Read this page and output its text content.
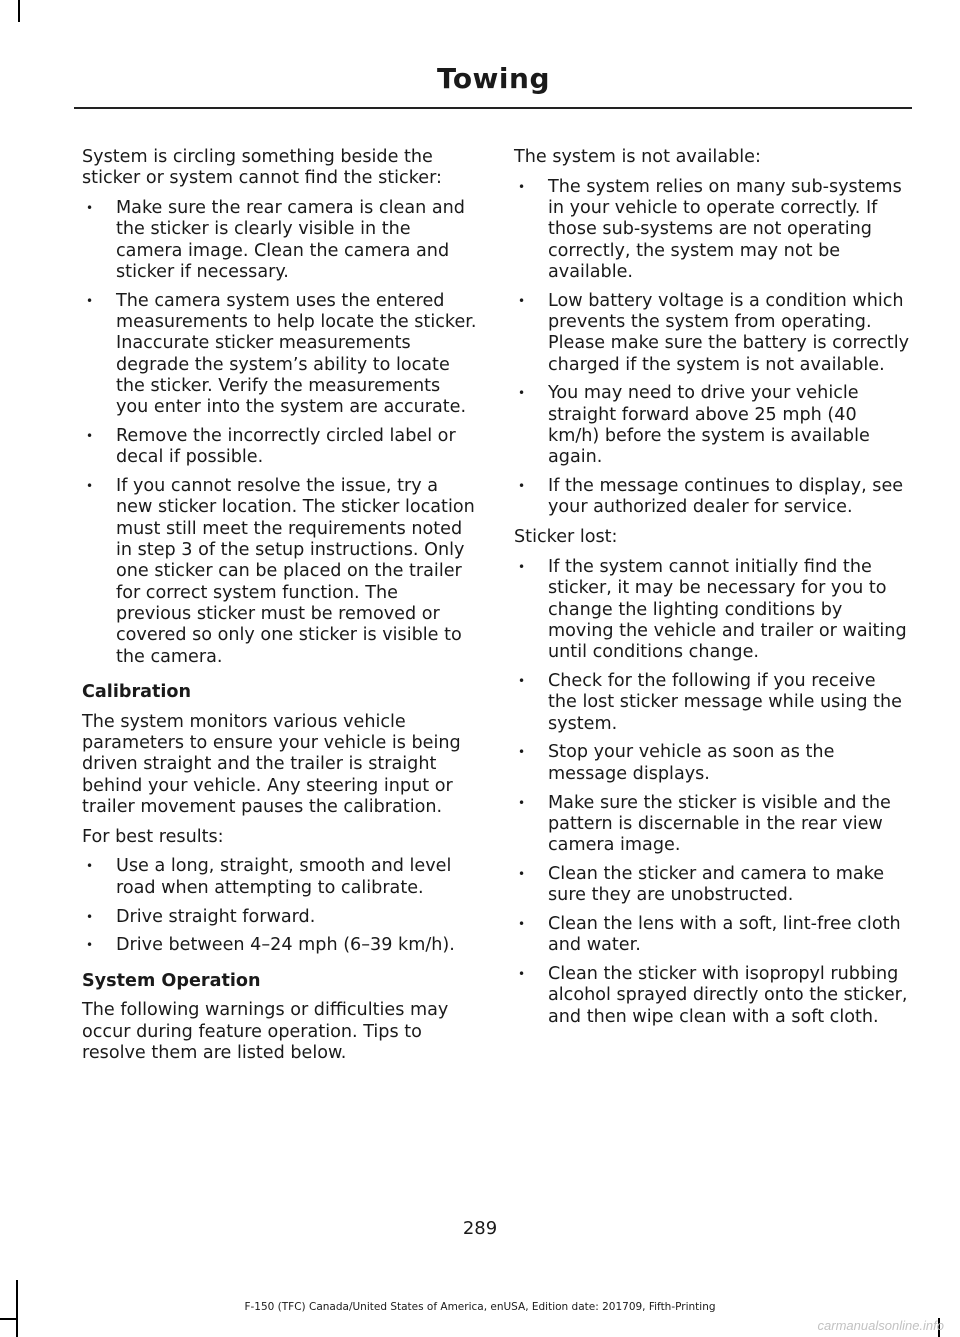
Towing

System is circling something beside the sticker or system cannot find the sticker:

• Make sure the rear camera is clean and the sticker is clearly visible in the camera image. Clean the camera and sticker if necessary.
• The camera system uses the entered measurements to help locate the sticker. Inaccurate sticker measurements degrade the system’s ability to locate the sticker. Verify the measurements you enter into the system are accurate.
• Remove the incorrectly circled label or decal if possible.
• If you cannot resolve the issue, try a new sticker location. The sticker location must still meet the requirements noted in step 3 of the setup instructions. Only one sticker can be placed on the trailer for correct system function. The previous sticker must be removed or covered so only one sticker is visible to the camera.

Calibration

The system monitors various vehicle parameters to ensure your vehicle is being driven straight and the trailer is straight behind your vehicle. Any steering input or trailer movement pauses the calibration.

For best results:

• Use a long, straight, smooth and level road when attempting to calibrate.
• Drive straight forward.
• Drive between 4–24 mph (6–39 km/h).

System Operation

The following warnings or difficulties may occur during feature operation. Tips to resolve them are listed below.

The system is not available:

• The system relies on many sub-systems in your vehicle to operate correctly. If those sub-systems are not operating correctly, the system may not be available.
• Low battery voltage is a condition which prevents the system from operating. Please make sure the battery is correctly charged if the system is not available.
• You may need to drive your vehicle straight forward above 25 mph (40 km/h) before the system is available again.
• If the message continues to display, see your authorized dealer for service.

Sticker lost:

• If the system cannot initially find the sticker, it may be necessary for you to change the lighting conditions by moving the vehicle and trailer or waiting until conditions change.
• Check for the following if you receive the lost sticker message while using the system.
• Stop your vehicle as soon as the message displays.
• Make sure the sticker is visible and the pattern is discernable in the rear view camera image.
• Clean the sticker and camera to make sure they are unobstructed.
• Clean the lens with a soft, lint-free cloth and water.
• Clean the sticker with isopropyl rubbing alcohol sprayed directly onto the sticker, and then wipe clean with a soft cloth.
289
F-150 (TFC) Canada/United States of America, enUSA, Edition date: 201709, Fifth-Printing
carmanualsonline.info
